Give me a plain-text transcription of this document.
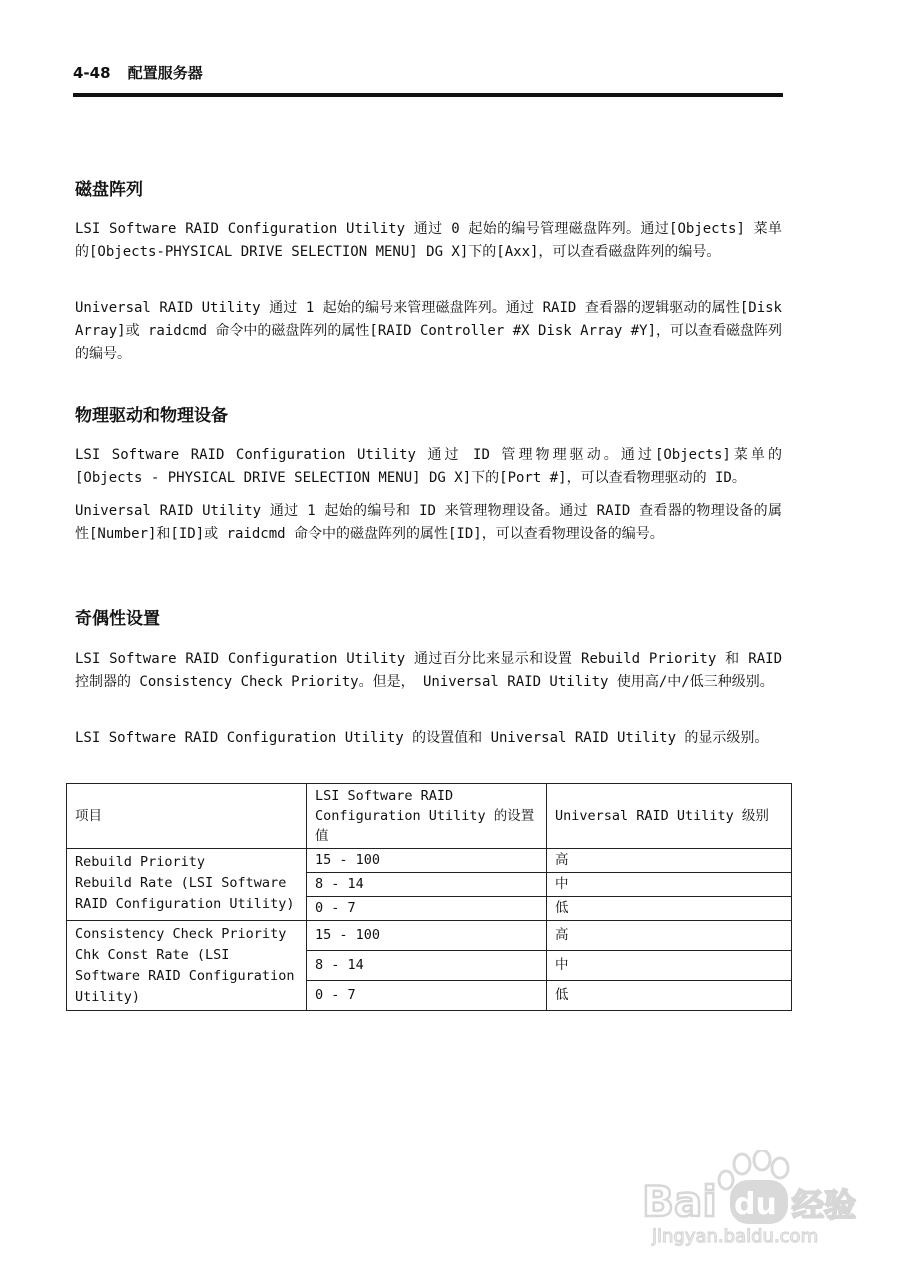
4-48 配置服务器
磁盘阵列

LSI Software RAID Configuration Utility 通过 0 起始的编号管理磁盘阵列。通过[Objects] 菜单的[Objects-PHYSICAL DRIVE SELECTION MENU] DG X]下的[Axx]，可以查看磁盘阵列的编号。

Universal RAID Utility 通过 1 起始的编号来管理磁盘阵列。通过 RAID 查看器的逻辑驱动的属性[Disk Array]或 raidcmd 命令中的磁盘阵列的属性[RAID Controller #X Disk Array #Y]，可以查看磁盘阵列的编号。

物理驱动和物理设备

LSI Software RAID Configuration Utility 通过 ID 管理物理驱动。通过[Objects]菜单的[Objects - PHYSICAL DRIVE SELECTION MENU] DG X]下的[Port #]，可以查看物理驱动的 ID。

Universal RAID Utility 通过 1 起始的编号和 ID 来管理物理设备。通过 RAID 查看器的物理设备的属性[Number]和[ID]或 raidcmd 命令中的磁盘阵列的属性[ID]，可以查看物理设备的编号。

奇偶性设置

LSI Software RAID Configuration Utility 通过百分比来显示和设置 Rebuild Priority 和 RAID 控制器的 Consistency Check Priority。但是， Universal RAID Utility 使用高/中/低三种级别。

LSI Software RAID Configuration Utility 的设置值和 Universal RAID Utility 的显示级别。

项目	LSI Software RAID Configuration Utility 的设置值	Universal RAID Utility 级别

Rebuild Priority
Rebuild Rate (LSI Software RAID Configuration Utility)	15 - 100	高
	8 - 14	中
	0 - 7	低

Consistency Check Priority
Chk Const Rate (LSI Software RAID Configuration Utility)	15 - 100	高
	8 - 14	中
	0 - 7	低
Bai du 经验
jingyan.baidu.com
